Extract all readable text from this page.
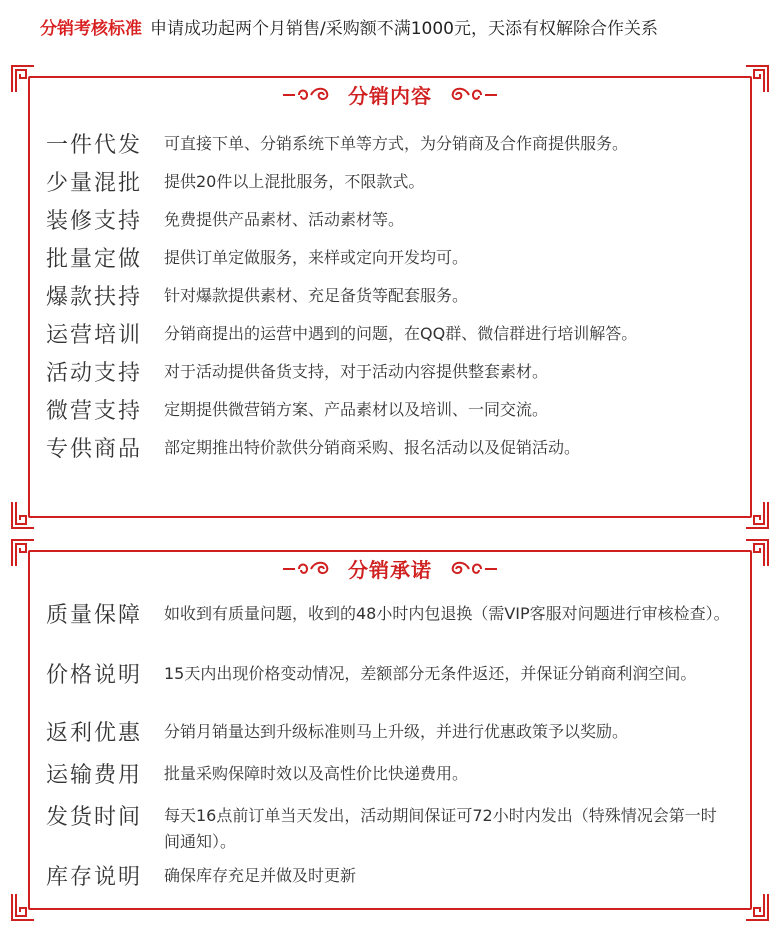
分销考核标准 申请成功起两个月销售/采购额不满1000元，天添有权解除合作关系
分销内容
一件代发	可直接下单、分销系统下单等方式，为分销商及合作商提供服务。
少量混批	提供20件以上混批服务，不限款式。
装修支持	免费提供产品素材、活动素材等。
批量定做	提供订单定做服务，来样或定向开发均可。
爆款扶持	针对爆款提供素材、充足备货等配套服务。
运营培训	分销商提出的运营中遇到的问题，在QQ群、微信群进行培训解答。
活动支持	对于活动提供备货支持，对于活动内容提供整套素材。
微营支持	定期提供微营销方案、产品素材以及培训、一同交流。
专供商品	部定期推出特价款供分销商采购、报名活动以及促销活动。
分销承诺
质量保障	如收到有质量问题，收到的48小时内包退换（需VIP客服对问题进行审核检查）。
价格说明	15天内出现价格变动情况，差额部分无条件返还，并保证分销商利润空间。
返利优惠	分销月销量达到升级标准则马上升级，并进行优惠政策予以奖励。
运输费用	批量采购保障时效以及高性价比快递费用。
发货时间	每天16点前订单当天发出，活动期间保证可72小时内发出（特殊情况会第一时间通知）。
库存说明	确保库存充足并做及时更新
